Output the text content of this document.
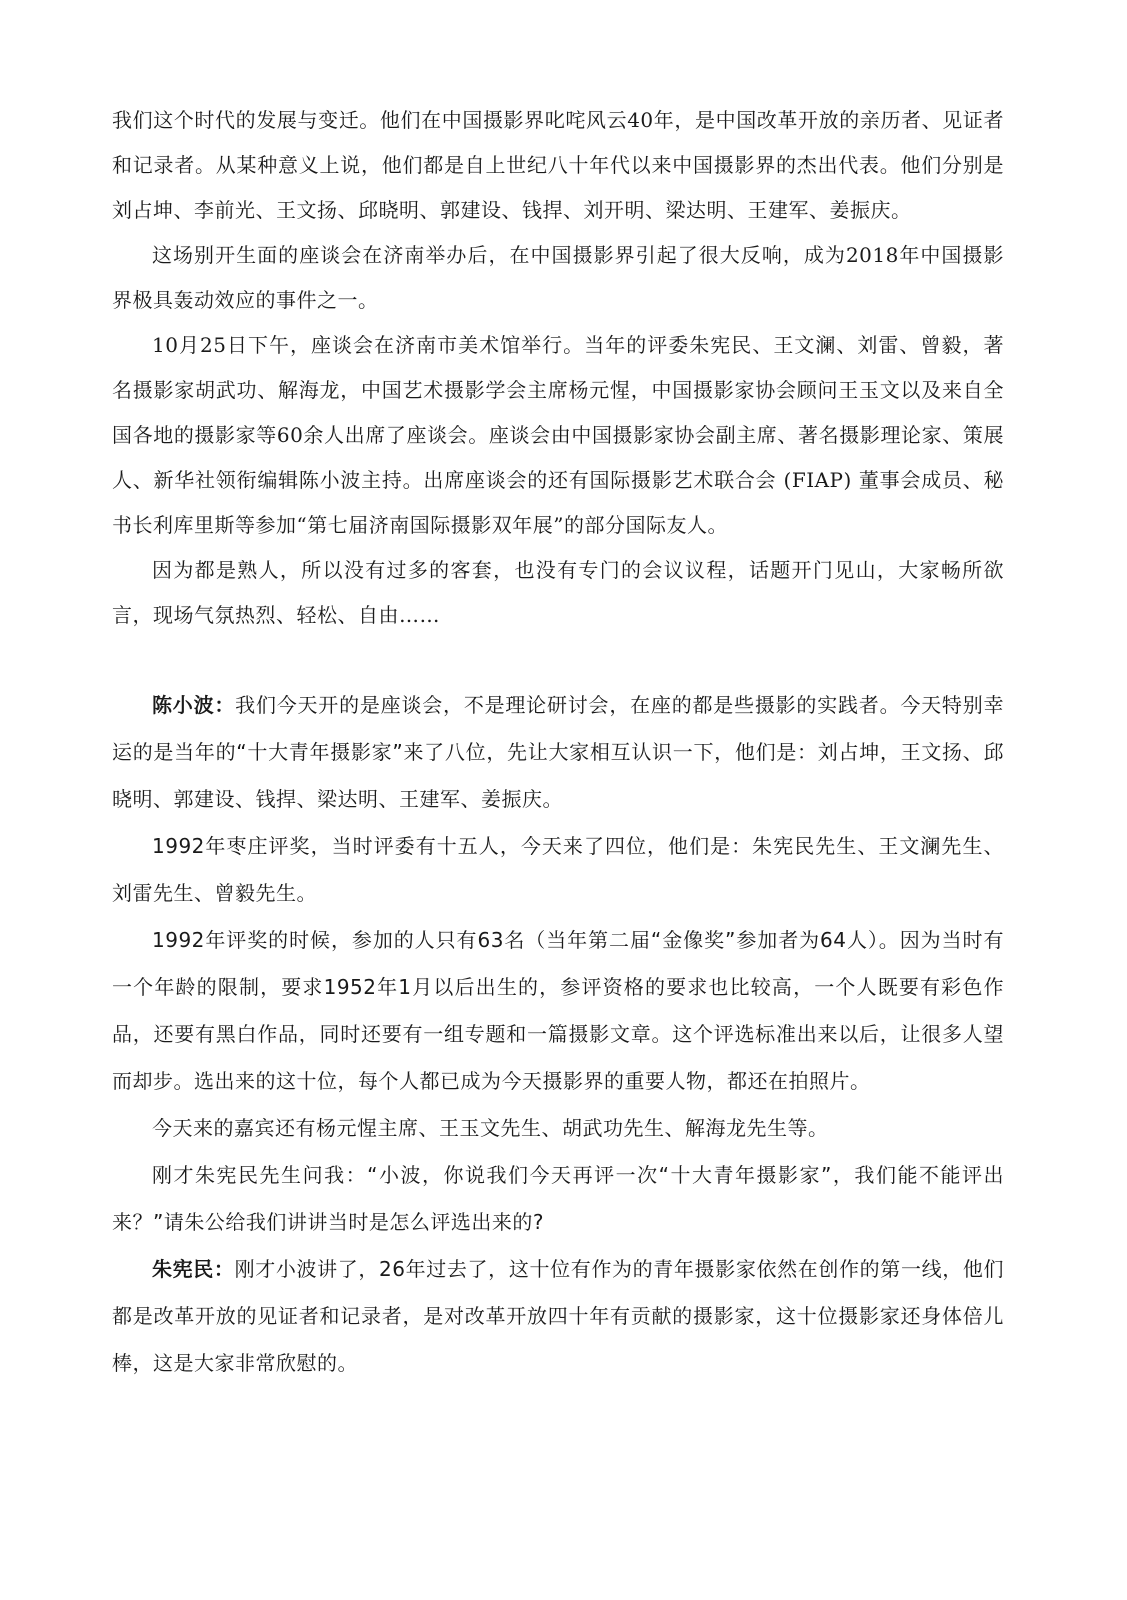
我们这个时代的发展与变迁。他们在中国摄影界叱咤风云40年，是中国改革开放的亲历者、见证者和记录者。从某种意义上说，他们都是自上世纪八十年代以来中国摄影界的杰出代表。他们分别是刘占坤、李前光、王文扬、邱晓明、郭建设、钱捍、刘开明、梁达明、王建军、姜振庆。

这场别开生面的座谈会在济南举办后，在中国摄影界引起了很大反响，成为2018年中国摄影界极具轰动效应的事件之一。

10月25日下午，座谈会在济南市美术馆举行。当年的评委朱宪民、王文澜、刘雷、曾毅，著名摄影家胡武功、解海龙，中国艺术摄影学会主席杨元惺，中国摄影家协会顾问王玉文以及来自全国各地的摄影家等60余人出席了座谈会。座谈会由中国摄影家协会副主席、著名摄影理论家、策展人、新华社领衔编辑陈小波主持。出席座谈会的还有国际摄影艺术联合会 (FIAP) 董事会成员、秘书长利库里斯等参加“第七届济南国际摄影双年展”的部分国际友人。

因为都是熟人，所以没有过多的客套，也没有专门的会议议程，话题开门见山，大家畅所欲言，现场气氛热烈、轻松、自由……

陈小波：我们今天开的是座谈会，不是理论研讨会，在座的都是些摄影的实践者。今天特别幸运的是当年的“十大青年摄影家”来了八位，先让大家相互认识一下，他们是：刘占坤，王文扬、邱晓明、郭建设、钱捍、梁达明、王建军、姜振庆。

1992年枣庄评奖，当时评委有十五人，今天来了四位，他们是：朱宪民先生、王文澜先生、刘雷先生、曾毅先生。

1992年评奖的时候，参加的人只有63名（当年第二届“金像奖”参加者为64人）。因为当时有一个年龄的限制，要求1952年1月以后出生的，参评资格的要求也比较高，一个人既要有彩色作品，还要有黑白作品，同时还要有一组专题和一篇摄影文章。这个评选标准出来以后，让很多人望而却步。选出来的这十位，每个人都已成为今天摄影界的重要人物，都还在拍照片。

今天来的嘉宾还有杨元惺主席、王玉文先生、胡武功先生、解海龙先生等。

刚才朱宪民先生问我：“小波，你说我们今天再评一次“十大青年摄影家”，我们能不能评出来？”请朱公给我们讲讲当时是怎么评选出来的?

朱宪民：刚才小波讲了，26年过去了，这十位有作为的青年摄影家依然在创作的第一线，他们都是改革开放的见证者和记录者，是对改革开放四十年有贡献的摄影家，这十位摄影家还身体倍儿棒，这是大家非常欣慰的。
